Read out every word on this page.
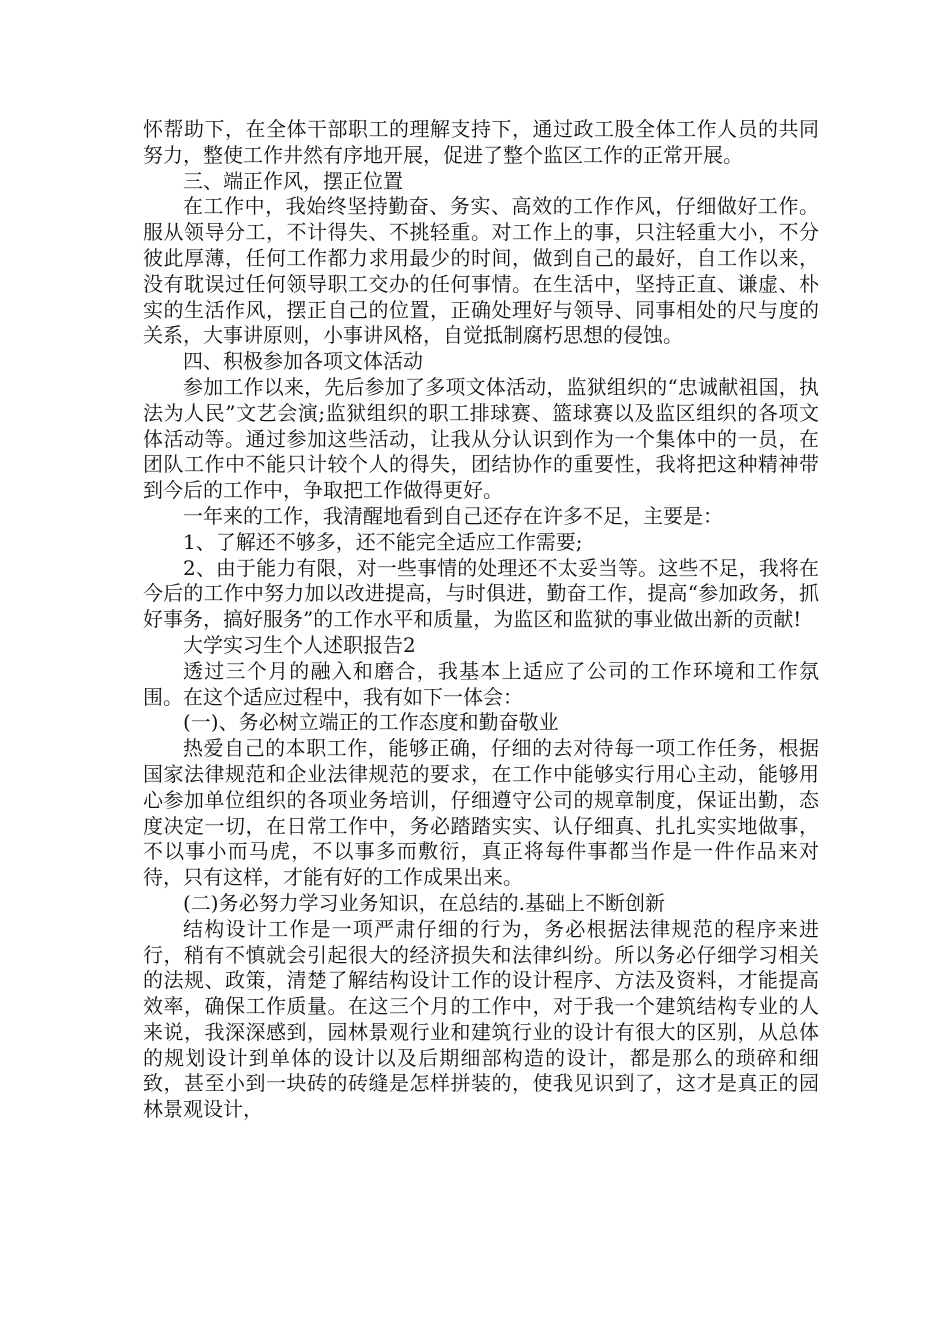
怀帮助下，在全体干部职工的理解支持下，通过政工股全体工作人员的共同努力，整使工作井然有序地开展，促进了整个监区工作的正常开展。

三、端正作风，摆正位置

在工作中，我始终坚持勤奋、务实、高效的工作作风，仔细做好工作。服从领导分工，不计得失、不挑轻重。对工作上的事，只注轻重大小，不分彼此厚薄，任何工作都力求用最少的时间，做到自己的最好，自工作以来，没有耽误过任何领导职工交办的任何事情。在生活中，坚持正直、谦虚、朴实的生活作风，摆正自己的位置，正确处理好与领导、同事相处的尺与度的关系，大事讲原则，小事讲风格，自觉抵制腐朽思想的侵蚀。

四、积极参加各项文体活动

参加工作以来，先后参加了多项文体活动，监狱组织的“忠诚献祖国，执法为人民”文艺会演;监狱组织的职工排球赛、篮球赛以及监区组织的各项文体活动等。通过参加这些活动，让我从分认识到作为一个集体中的一员，在团队工作中不能只计较个人的得失，团结协作的重要性，我将把这种精神带到今后的工作中，争取把工作做得更好。

一年来的工作，我清醒地看到自己还存在许多不足，主要是：

1、了解还不够多，还不能完全适应工作需要;

2、由于能力有限，对一些事情的处理还不太妥当等。这些不足，我将在今后的工作中努力加以改进提高，与时俱进，勤奋工作，提高“参加政务，抓好事务，搞好服务”的工作水平和质量，为监区和监狱的事业做出新的贡献!

大学实习生个人述职报告2

透过三个月的融入和磨合，我基本上适应了公司的工作环境和工作氛围。在这个适应过程中，我有如下一体会：

(一)、务必树立端正的工作态度和勤奋敬业

热爱自己的本职工作，能够正确，仔细的去对待每一项工作任务，根据国家法律规范和企业法律规范的要求，在工作中能够实行用心主动，能够用心参加单位组织的各项业务培训，仔细遵守公司的规章制度，保证出勤，态度决定一切，在日常工作中，务必踏踏实实、认仔细真、扎扎实实地做事，不以事小而马虎，不以事多而敷衍，真正将每件事都当作是一件作品来对待，只有这样，才能有好的工作成果出来。

(二)务必努力学习业务知识，在总结的.基础上不断创新

结构设计工作是一项严肃仔细的行为，务必根据法律规范的程序来进行，稍有不慎就会引起很大的经济损失和法律纠纷。所以务必仔细学习相关的法规、政策，清楚了解结构设计工作的设计程序、方法及资料，才能提高效率，确保工作质量。在这三个月的工作中，对于我一个建筑结构专业的人来说，我深深感到，园林景观行业和建筑行业的设计有很大的区别，从总体的规划设计到单体的设计以及后期细部构造的设计，都是那么的琐碎和细致，甚至小到一块砖的砖缝是怎样拼装的，使我见识到了，这才是真正的园林景观设计，
